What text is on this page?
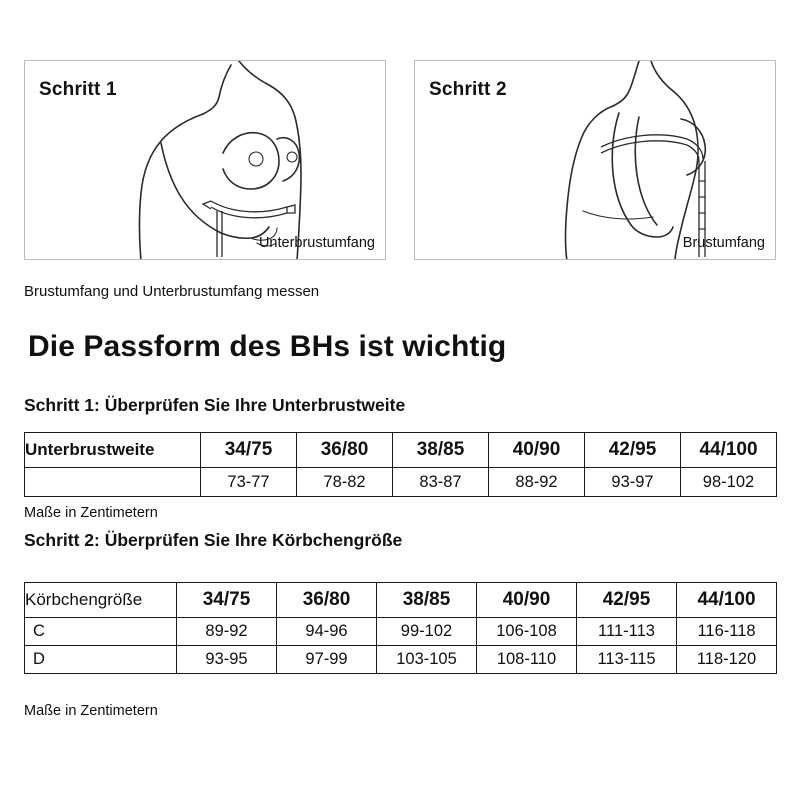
Schritt 1
Unterbrustumfang
Schritt 2
Brustumfang
Brustumfang und Unterbrustumfang messen
Die Passform des BHs ist wichtig
Schritt 1: Überprüfen Sie Ihre Unterbrustweite
Unterbrustweite	34/75	36/80	38/85	40/90	42/95	44/100
	73-77	78-82	83-87	88-92	93-97	98-102
Maße in Zentimetern
Schritt 2: Überprüfen Sie Ihre Körbchengröße
Körbchengröße	34/75	36/80	38/85	40/90	42/95	44/100
C	89-92	94-96	99-102	106-108	111-113	116-118
D	93-95	97-99	103-105	108-110	113-115	118-120
Maße in Zentimetern
